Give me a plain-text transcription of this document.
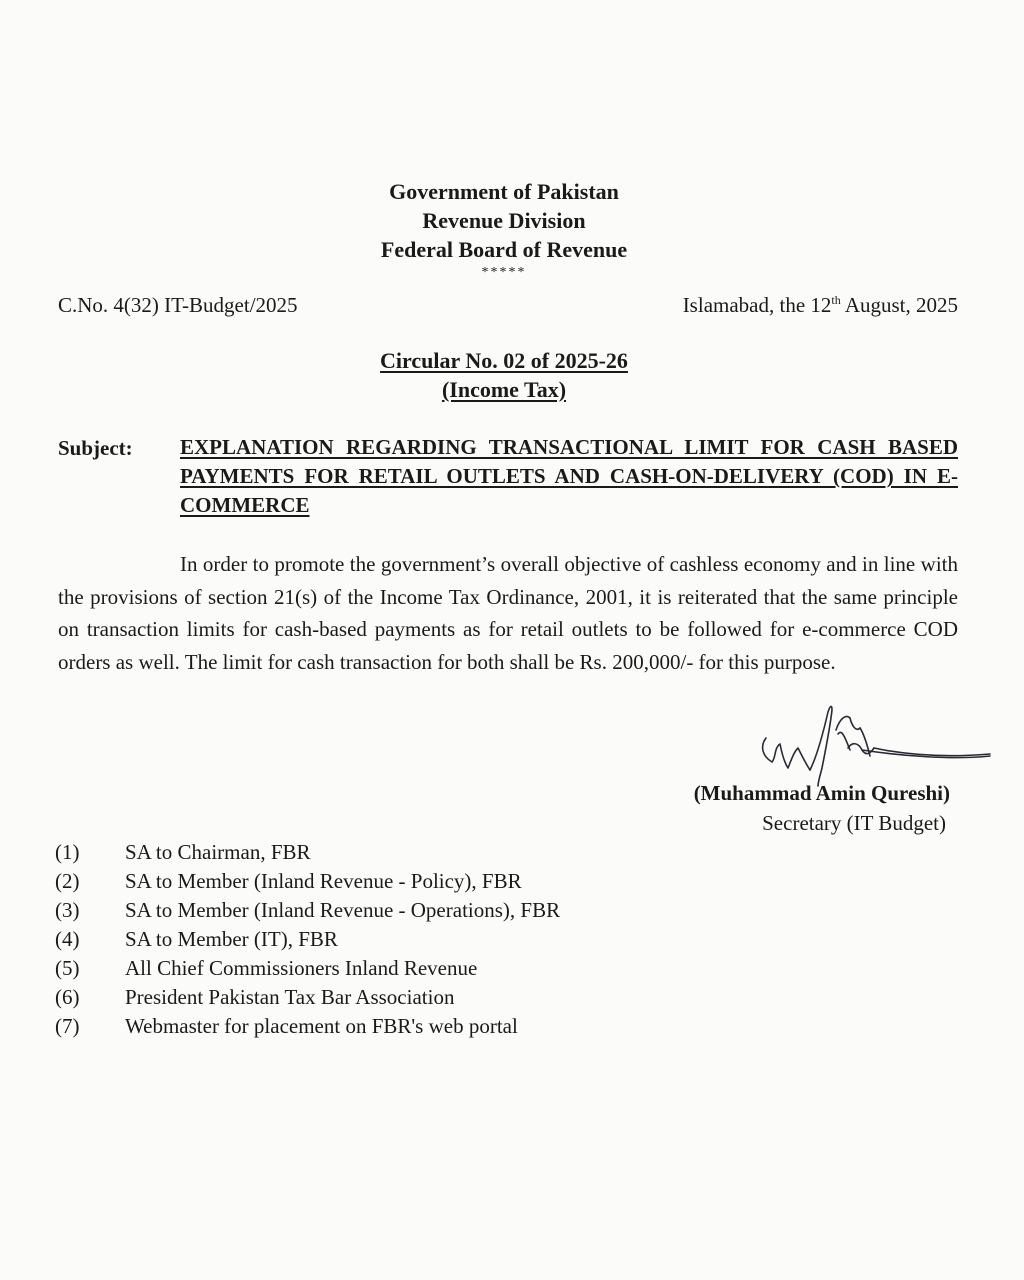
Government of Pakistan
Revenue Division
Federal Board of Revenue
*****
C.No. 4(32) IT-Budget/2025	Islamabad, the 12th August, 2025
Circular No. 02 of 2025-26
(Income Tax)
Subject: EXPLANATION REGARDING TRANSACTIONAL LIMIT FOR CASH BASED PAYMENTS FOR RETAIL OUTLETS AND CASH-ON-DELIVERY (COD) IN E-COMMERCE
In order to promote the government’s overall objective of cashless economy and in line with the provisions of section 21(s) of the Income Tax Ordinance, 2001, it is reiterated that the same principle on transaction limits for cash-based payments as for retail outlets to be followed for e-commerce COD orders as well. The limit for cash transaction for both shall be Rs. 200,000/- for this purpose.
(Muhammad Amin Qureshi)
Secretary (IT Budget)
(1) SA to Chairman, FBR
(2) SA to Member (Inland Revenue - Policy), FBR
(3) SA to Member (Inland Revenue - Operations), FBR
(4) SA to Member (IT), FBR
(5) All Chief Commissioners Inland Revenue
(6) President Pakistan Tax Bar Association
(7) Webmaster for placement on FBR's web portal
